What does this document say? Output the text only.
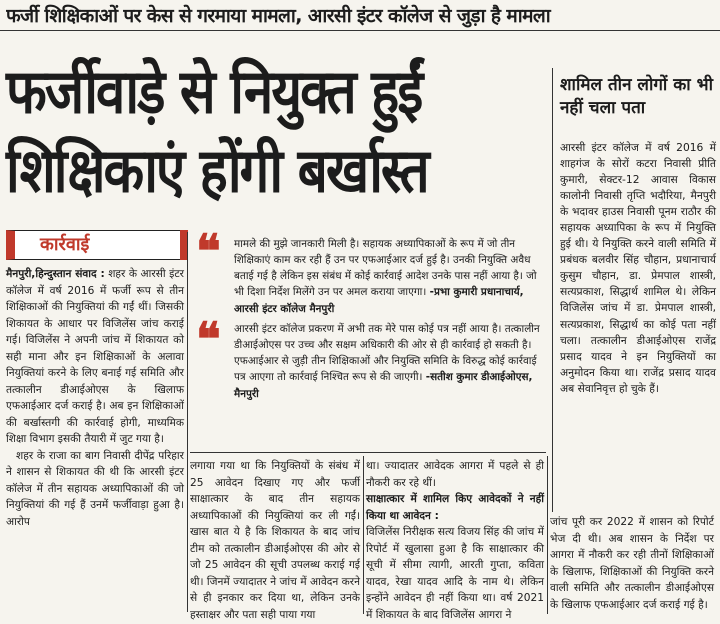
फर्जी शिक्षिकाओं पर केस से गरमाया मामला, आरसी इंटर कॉलेज से जुड़ा है मामला
फर्जीवाड़े से नियुक्त हुईं
शिक्षिकाएं होंगी बर्खास्त
शामिल तीन लोगों का भी नहीं चला पता
आरसी इंटर कॉलेज में वर्ष 2016 में शाहगंज के सोरों कटरा निवासी प्रीति कुमारी, सेक्टर-12 आवास विकास कालोनी निवासी तृप्ति भदौरिया, मैनपुरी के भदावर हाउस निवासी पूनम राठौर की सहायक अध्यापिका के रूप में नियुक्ति हुई थी। ये नियुक्ति करने वाली समिति में प्रबंधक बलवीर सिंह चौहान, प्रधानाचार्य कुसुम चौहान, डा. प्रेमपाल शास्त्री, सत्यप्रकाश, सिद्धार्थ शामिल थे। लेकिन विजिलेंस जांच में डा. प्रेमपाल शास्त्री, सत्यप्रकाश, सिद्धार्थ का कोई पता नहीं चला। तत्कालीन डीआईओएस राजेंद्र प्रसाद यादव ने इन नियुक्तियों का अनुमोदन किया था। राजेंद्र प्रसाद यादव अब सेवानिवृत्त हो चुके हैं।
कार्रवाई
मैनपुरी,हिन्दुस्तान संवाद : शहर के आरसी इंटर कॉलेज में वर्ष 2016 में फर्जी रूप से तीन शिक्षिकाओं की नियुक्तियां की गईं थीं। जिसकी शिकायत के आधार पर विजिलेंस जांच कराई गई। विजिलेंस ने अपनी जांच में शिकायत को सही माना और इन शिक्षिकाओं के अलावा नियुक्तियां करने के लिए बनाई गई समिति और तत्कालीन डीआईओएस के खिलाफ एफआईआर दर्ज कराई है। अब इन शिक्षिकाओं की बर्खास्तगी की कार्रवाई होगी, माध्यमिक शिक्षा विभाग इसकी तैयारी में जुट गया है।
शहर के राजा का बाग निवासी दीपेंद्र परिहार ने शासन से शिकायत की थी कि आरसी इंटर कॉलेज में तीन सहायक अध्यापिकाओं की जो नियुक्तियां की गई हैं उनमें फर्जीवाड़ा हुआ है। आरोप
❝ मामले की मुझे जानकारी मिली है। सहायक अध्यापिकाओं के रूप में जो तीन शिक्षिकाएं काम कर रही हैं उन पर एफआईआर दर्ज हुई है। उनकी नियुक्ति अवैध बताई गई है लेकिन इस संबंध में कोई कार्रवाई आदेश उनके पास नहीं आया है। जो भी दिशा निर्देश मिलेंगे उन पर अमल कराया जाएगा। -प्रभा कुमारी प्रधानाचार्य, आरसी इंटर कॉलेज मैनपुरी
❝ आरसी इंटर कॉलेज प्रकरण में अभी तक मेरे पास कोई पत्र नहीं आया है। तत्कालीन डीआईओएस पर उच्च और सक्षम अधिकारी की ओर से ही कार्रवाई हो सकती है। एफआईआर से जुड़ी तीन शिक्षिकाओं और नियुक्ति समिति के विरुद्ध कोई कार्रवाई पत्र आएगा तो कार्रवाई निश्चित रूप से की जाएगी। -सतीश कुमार डीआईओएस, मैनपुरी
लगाया गया था कि नियुक्तियों के संबंध में 25 आवेदन दिखाए गए और फर्जी साक्षात्कार के बाद तीन सहायक अध्यापिकाओं की नियुक्तियां कर ली गईं। खास बात ये है कि शिकायत के बाद जांच टीम को तत्कालीन डीआईओएस की ओर से जो 25 आवेदन की सूची उपलब्ध कराई गई थी। जिनमें ज्यादातर ने जांच में आवेदन करने से ही इनकार कर दिया था, लेकिन उनके हस्ताक्षर और पता सही पाया गया
था। ज्यादातर आवेदक आगरा में पहले से ही नौकरी कर रहे थीं।
साक्षात्कार में शामिल किए आवेदकों ने नहीं किया था आवेदन :
विजिलेंस निरीक्षक सत्य विजय सिंह की जांच में रिपोर्ट में खुलासा हुआ है कि साक्षात्कार की सूची में सीमा त्यागी, आरती गुप्ता, कविता यादव, रेखा यादव आदि के नाम थे। लेकिन इन्होंने आवेदन ही नहीं किया था। वर्ष 2021 में शिकायत के बाद विजिलेंस आगरा ने
जांच पूरी कर 2022 में शासन को रिपोर्ट भेज दी थी। अब शासन के निर्देश पर आगरा में नौकरी कर रही तीनों शिक्षिकाओं के खिलाफ, शिक्षिकाओं की नियुक्ति करने वाली समिति और तत्कालीन डीआईओएस के खिलाफ एफआईआर दर्ज कराई गई है।
